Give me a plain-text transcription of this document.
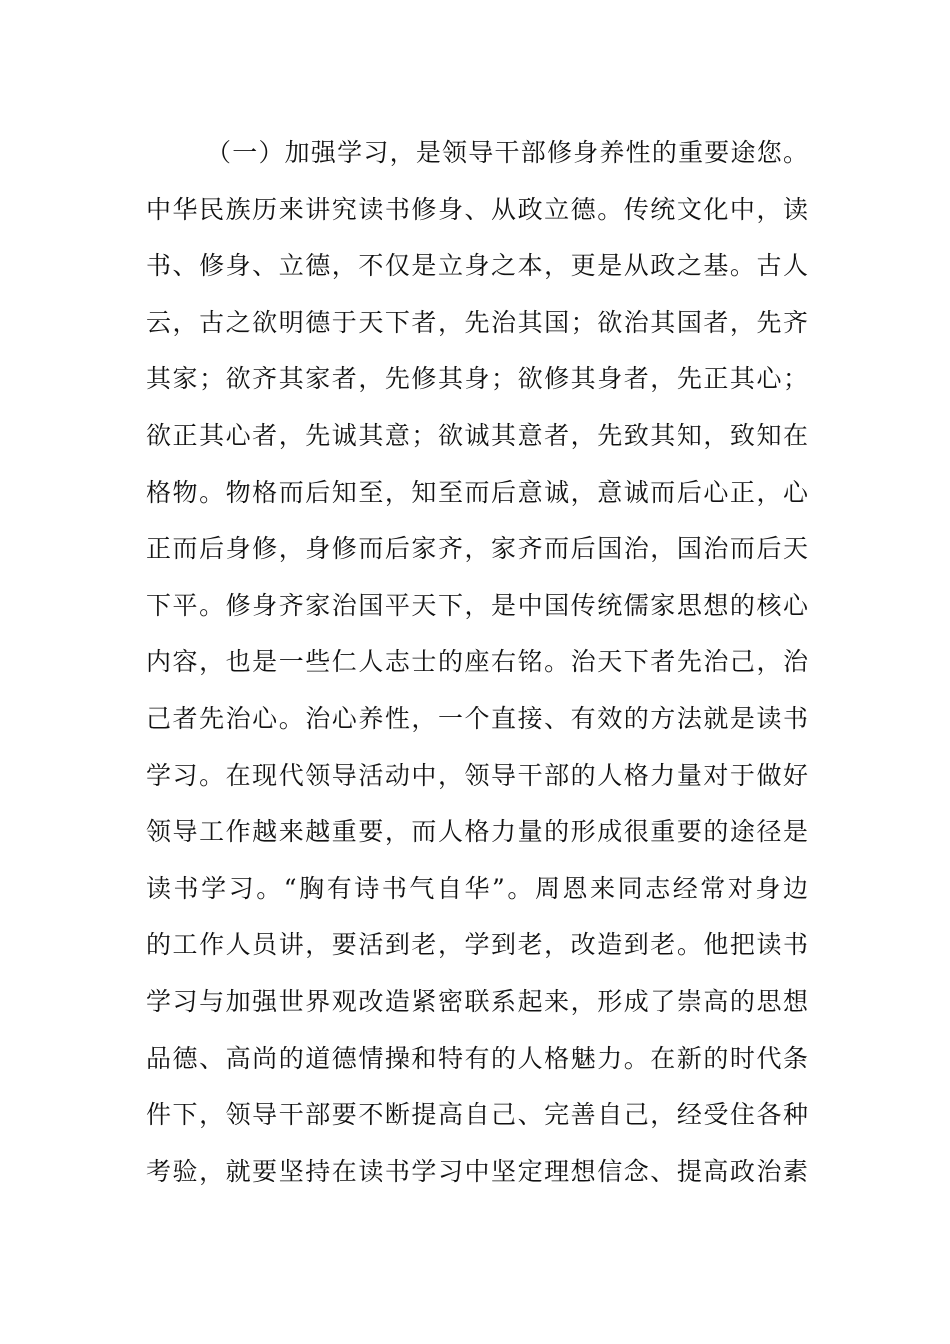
（一）加强学习，是领导干部修身养性的重要途您。
中华民族历来讲究读书修身、从政立德。传统文化中，读
书、修身、立德，不仅是立身之本，更是从政之基。古人
云，古之欲明德于天下者，先治其国；欲治其国者，先齐
其家；欲齐其家者，先修其身；欲修其身者，先正其心；
欲正其心者，先诚其意；欲诚其意者，先致其知，致知在
格物。物格而后知至，知至而后意诚，意诚而后心正，心
正而后身修，身修而后家齐，家齐而后国治，国治而后天
下平。修身齐家治国平天下，是中国传统儒家思想的核心
内容，也是一些仁人志士的座右铭。治天下者先治己，治
己者先治心。治心养性，一个直接、有效的方法就是读书
学习。在现代领导活动中，领导干部的人格力量对于做好
领导工作越来越重要，而人格力量的形成很重要的途径是
读书学习。“胸有诗书气自华”。周恩来同志经常对身边
的工作人员讲，要活到老，学到老，改造到老。他把读书
学习与加强世界观改造紧密联系起来，形成了崇高的思想
品德、高尚的道德情操和特有的人格魅力。在新的时代条
件下，领导干部要不断提高自己、完善自己，经受住各种
考验，就要坚持在读书学习中坚定理想信念、提高政治素
